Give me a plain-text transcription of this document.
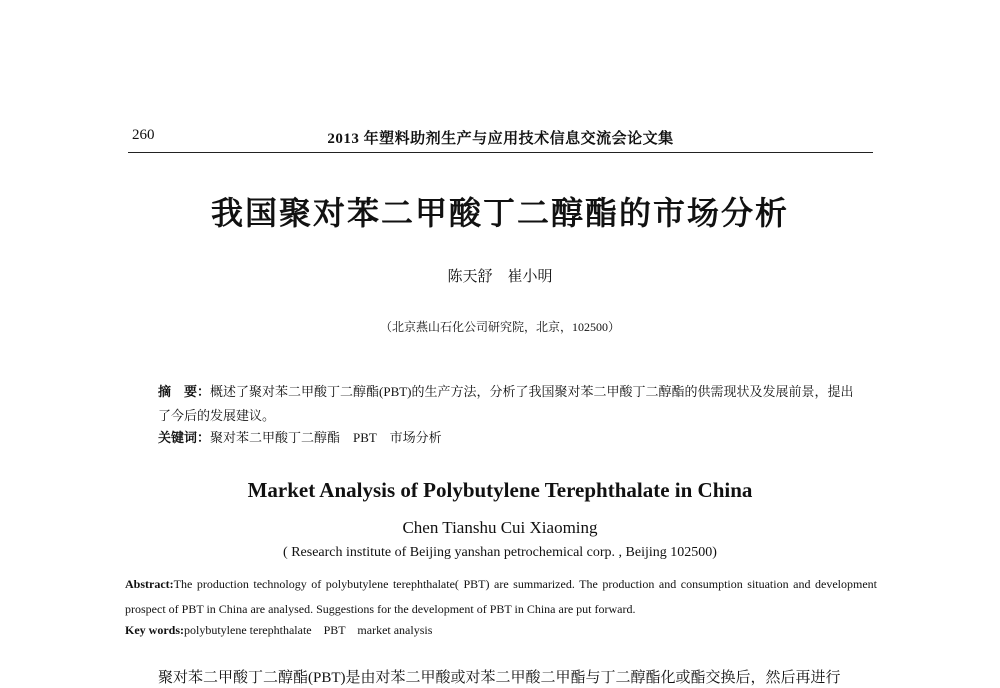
260	2013 年塑料助剂生产与应用技术信息交流会论文集
我国聚对苯二甲酸丁二醇酯的市场分析
陈天舒　崔小明
（北京燕山石化公司研究院，北京，102500）
摘　要：概述了聚对苯二甲酸丁二醇酯(PBT)的生产方法，分析了我国聚对苯二甲酸丁二醇酯的供需现状及发展前景，提出了今后的发展建议。
关键词：聚对苯二甲酸丁二醇酯　PBT　市场分析
Market Analysis of Polybutylene Terephthalate in China
Chen Tianshu Cui Xiaoming
( Research institute of Beijing yanshan petrochemical corp. , Beijing 102500)
Abstract:The production technology of polybutylene terephthalate( PBT) are summarized. The production and consumption situation and development prospect of PBT in China are analysed. Suggestions for the development of PBT in China are put forward.
Key words:polybutylene terephthalate　PBT　market analysis
聚对苯二甲酸丁二醇酯(PBT)是由对苯二甲酸或对苯二甲酸二甲酯与丁二醇酯化或酯交换后，然后再进行
